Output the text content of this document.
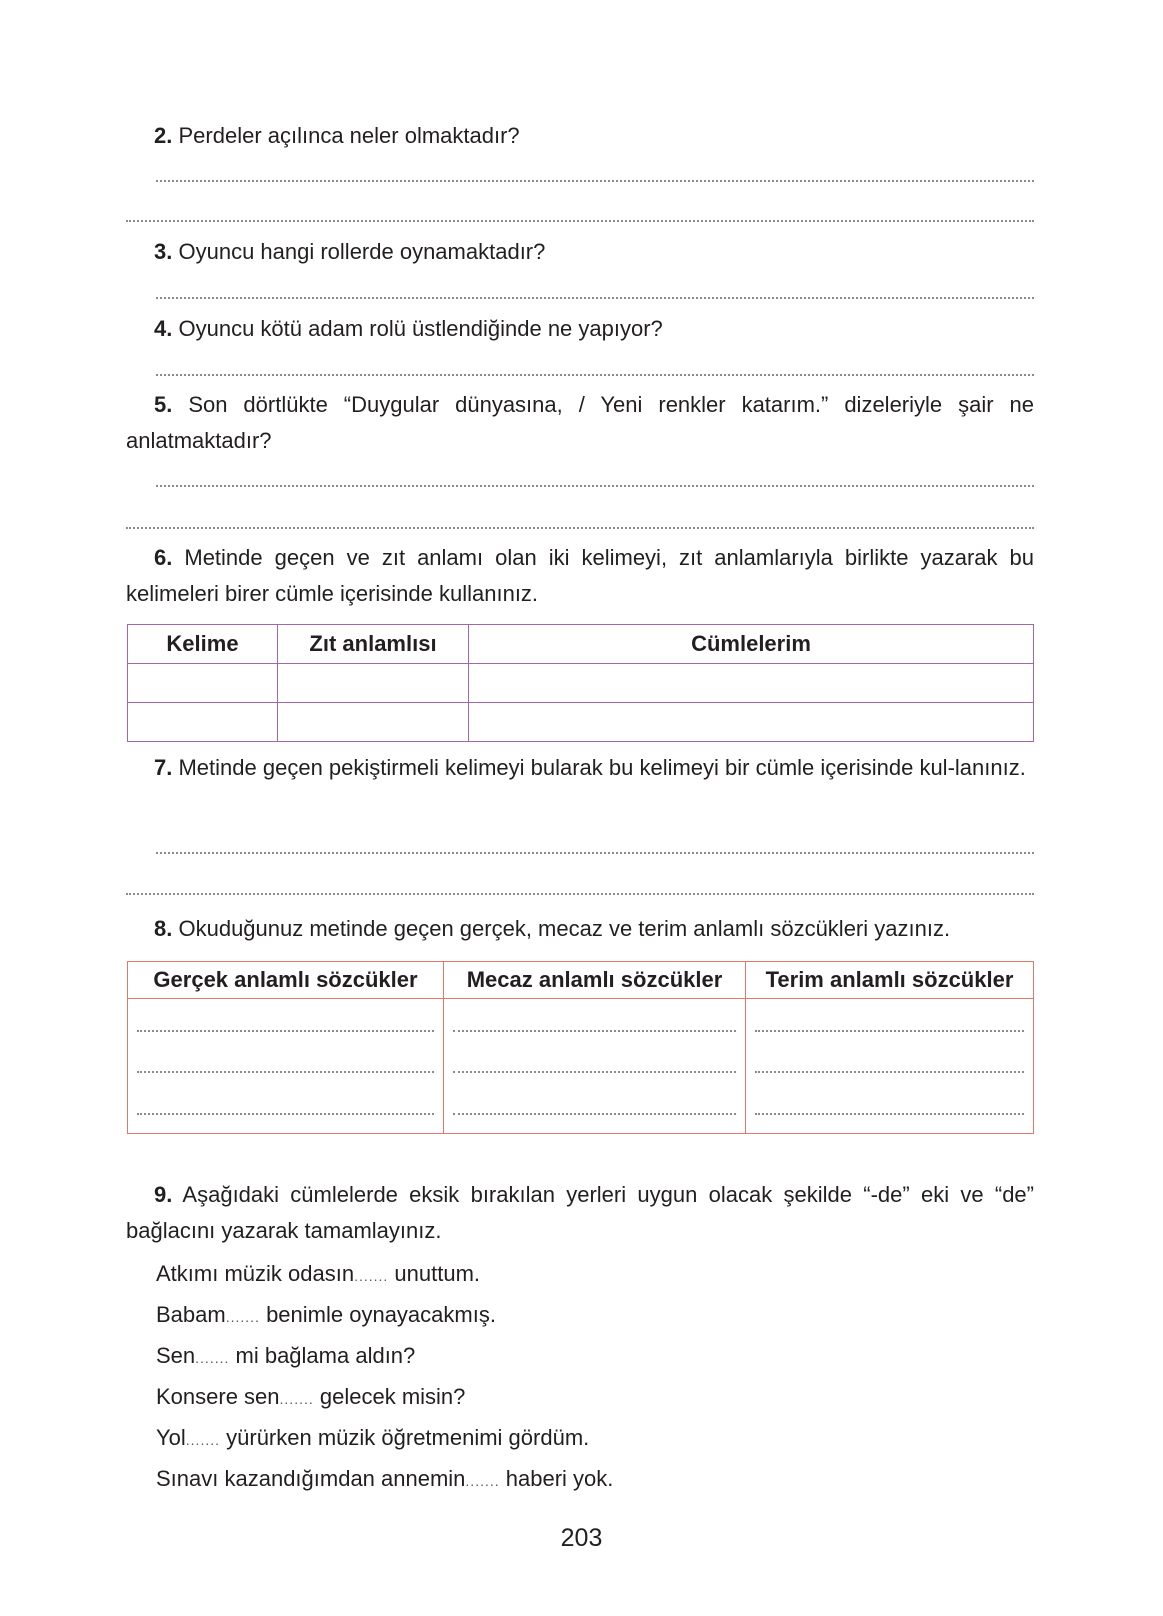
2. Perdeler açılınca neler olmaktadır?
3. Oyuncu hangi rollerde oynamaktadır?
4. Oyuncu kötü adam rolü üstlendiğinde ne yapıyor?
5. Son dörtlükte “Duygular dünyasına, / Yeni renkler katarım.” dizeleriyle şair ne anlatmaktadır?
6. Metinde geçen ve zıt anlamı olan iki kelimeyi, zıt anlamlarıyla birlikte yazarak bu kelimeleri birer cümle içerisinde kullanınız.
Kelime	Zıt anlamlısı	Cümlelerim

7. Metinde geçen pekiştirmeli kelimeyi bularak bu kelimeyi bir cümle içerisinde kul-lanınız.
8. Okuduğunuz metinde geçen gerçek, mecaz ve terim anlamlı sözcükleri yazınız.
Gerçek anlamlı sözcükler	Mecaz anlamlı sözcükler	Terim anlamlı sözcükler

9. Aşağıdaki cümlelerde eksik bırakılan yerleri uygun olacak şekilde “-de” eki ve “de” bağlacını yazarak tamamlayınız.
Atkımı müzik odasın....... unuttum.
Babam....... benimle oynayacakmış.
Sen....... mi bağlama aldın?
Konsere sen....... gelecek misin?
Yol....... yürürken müzik öğretmenimi gördüm.
Sınavı kazandığımdan annemin....... haberi yok.
203
